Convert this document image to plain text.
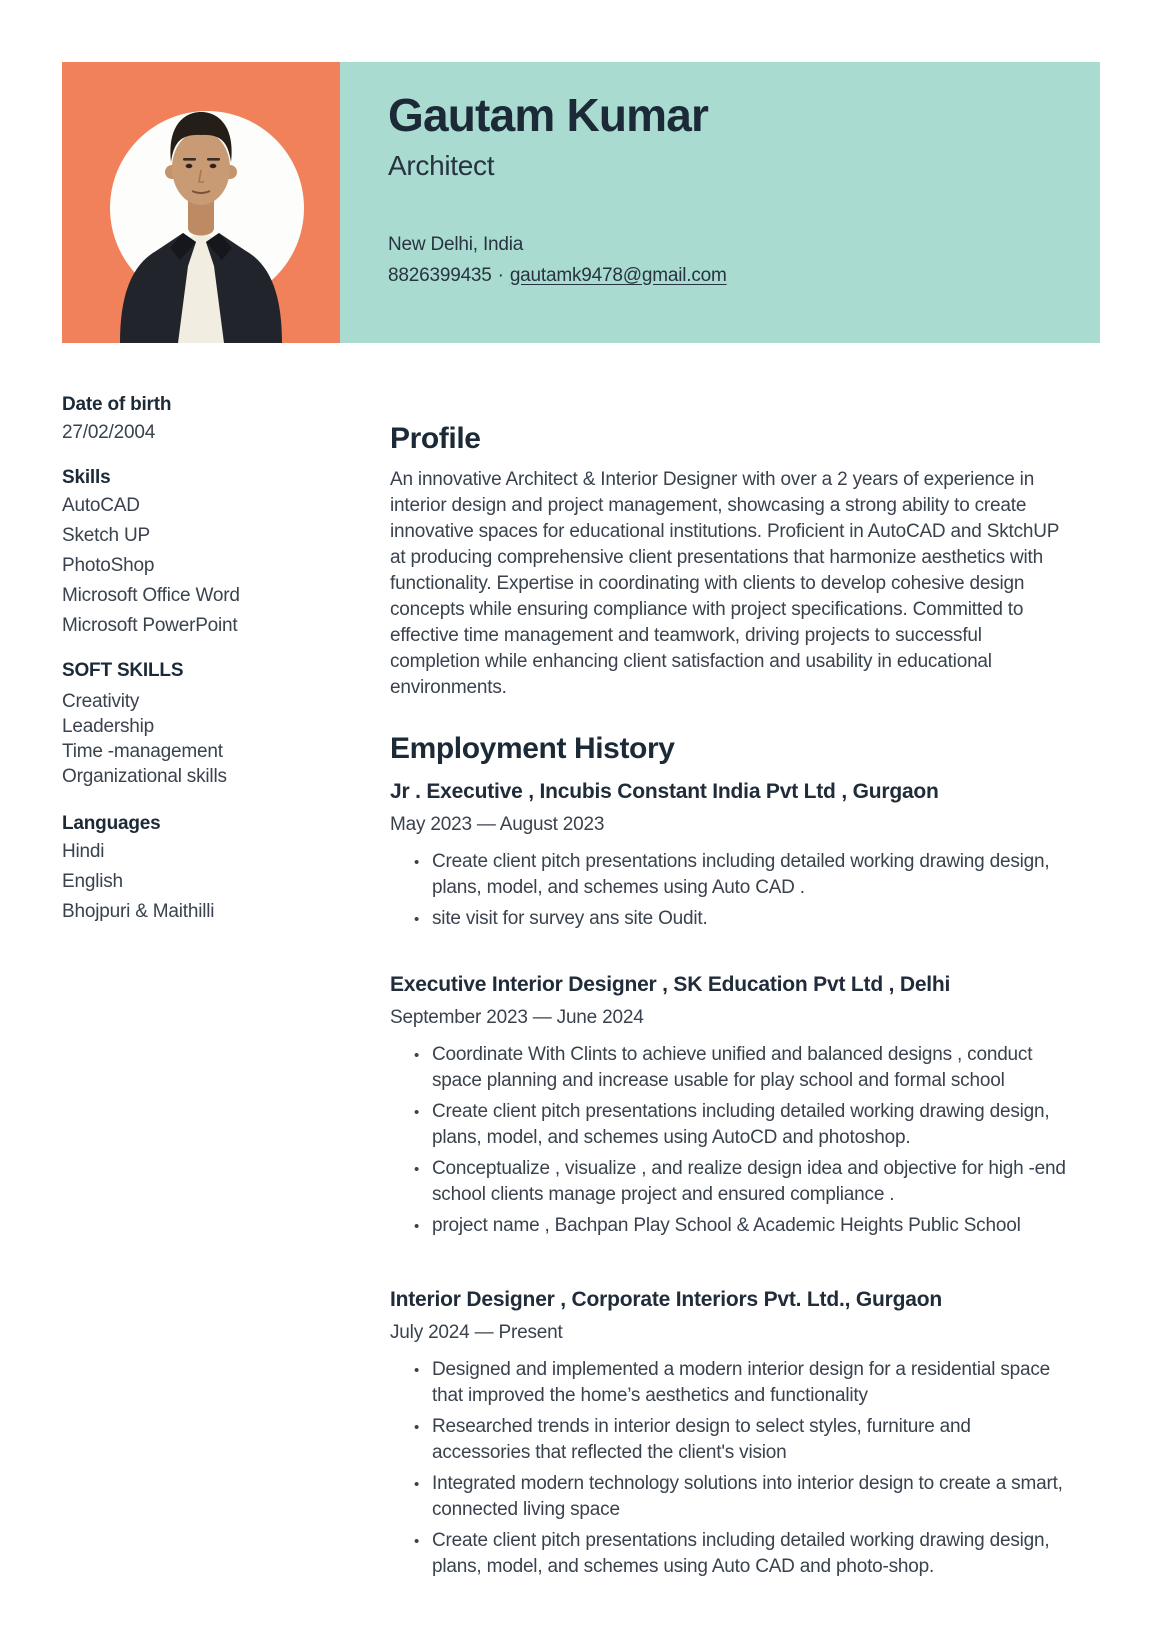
Gautam Kumar
Architect
New Delhi, India
8826399435 · gautamk9478@gmail.com
Date of birth
27/02/2004
Skills
AutoCAD
Sketch UP
PhotoShop
Microsoft Office Word
Microsoft PowerPoint
SOFT SKILLS
Creativity
Leadership
Time -management
Organizational skills
Languages
Hindi
English
Bhojpuri & Maithilli
Profile

An innovative Architect & Interior Designer with over a 2 years of experience in interior design and project management, showcasing a strong ability to create innovative spaces for educational institutions. Proficient in AutoCAD and SktchUP at producing comprehensive client presentations that harmonize aesthetics with functionality. Expertise in coordinating with clients to develop cohesive design concepts while ensuring compliance with project specifications. Committed to effective time management and teamwork, driving projects to successful completion while enhancing client satisfaction and usability in educational environments.

Employment History
Jr . Executive , Incubis Constant India Pvt Ltd , Gurgaon
May 2023 — August 2023
• Create client pitch presentations including detailed working drawing design, plans, model, and schemes using Auto CAD .
• site visit for survey ans site Oudit.
Executive Interior Designer , SK Education Pvt Ltd , Delhi
September 2023 — June 2024
• Coordinate With Clints to achieve unified and balanced designs , conduct space planning and increase usable for play school and formal school
• Create client pitch presentations including detailed working drawing design, plans, model, and schemes using AutoCD and photoshop.
• Conceptualize , visualize , and realize design idea and objective for high -end school clients manage project and ensured compliance .
• project name , Bachpan Play School & Academic Heights Public School
Interior Designer , Corporate Interiors Pvt. Ltd., Gurgaon
July 2024 — Present
• Designed and implemented a modern interior design for a residential space that improved the home’s aesthetics and functionality
• Researched trends in interior design to select styles, furniture and accessories that reflected the client's vision
• Integrated modern technology solutions into interior design to create a smart, connected living space
• Create client pitch presentations including detailed working drawing design, plans, model, and schemes using Auto CAD and photo-shop.
